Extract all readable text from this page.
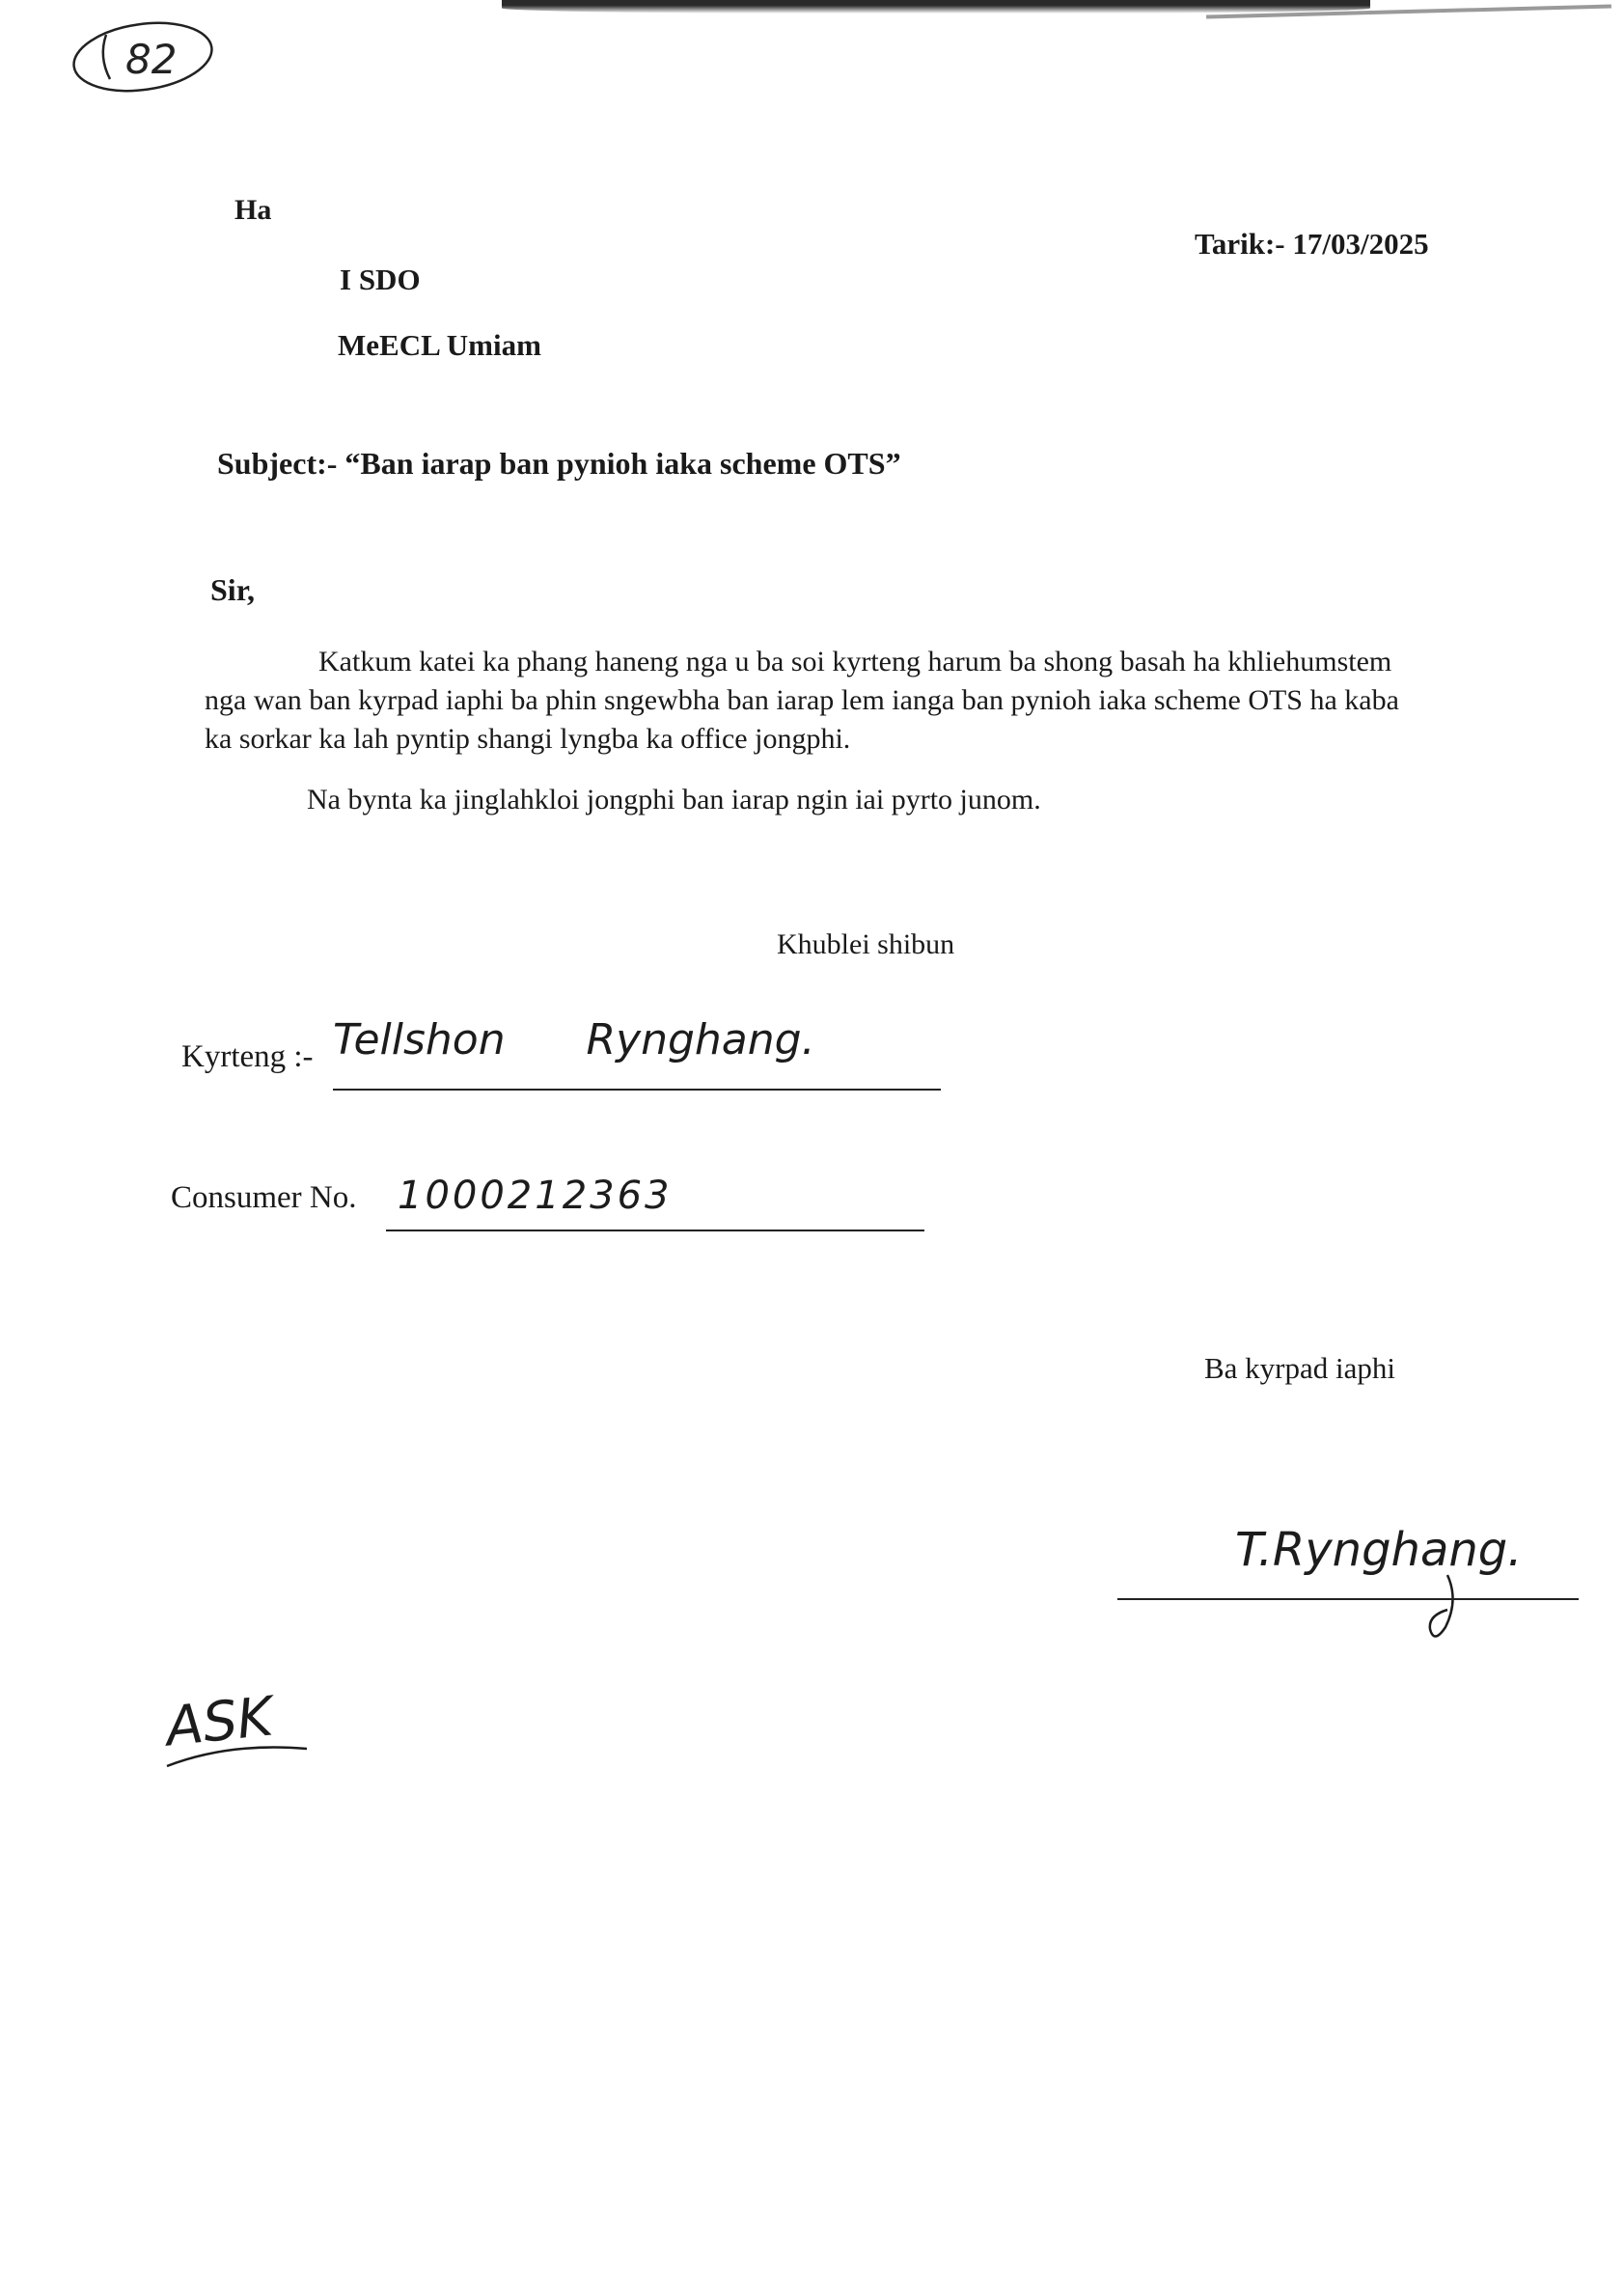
82
Ha
Tarik:- 17/03/2025
I SDO
MeECL Umiam
Subject:- “Ban iarap ban pynioh iaka scheme OTS”
Sir,
Katkum katei ka phang haneng nga u ba soi kyrteng harum ba shong basah ha khliehumstem
nga wan ban kyrpad iaphi ba phin sngewbha ban iarap lem ianga ban pynioh iaka scheme OTS ha kaba
ka sorkar ka lah pyntip shangi lyngba ka office jongphi.
Na bynta ka jinglahkloi jongphi ban iarap ngin iai pyrto junom.
Khublei shibun
Kyrteng :- Tellshon      Rynghang.
Consumer No. 1000212363
Ba kyrpad iaphi
T.Rynghang.
ASK
